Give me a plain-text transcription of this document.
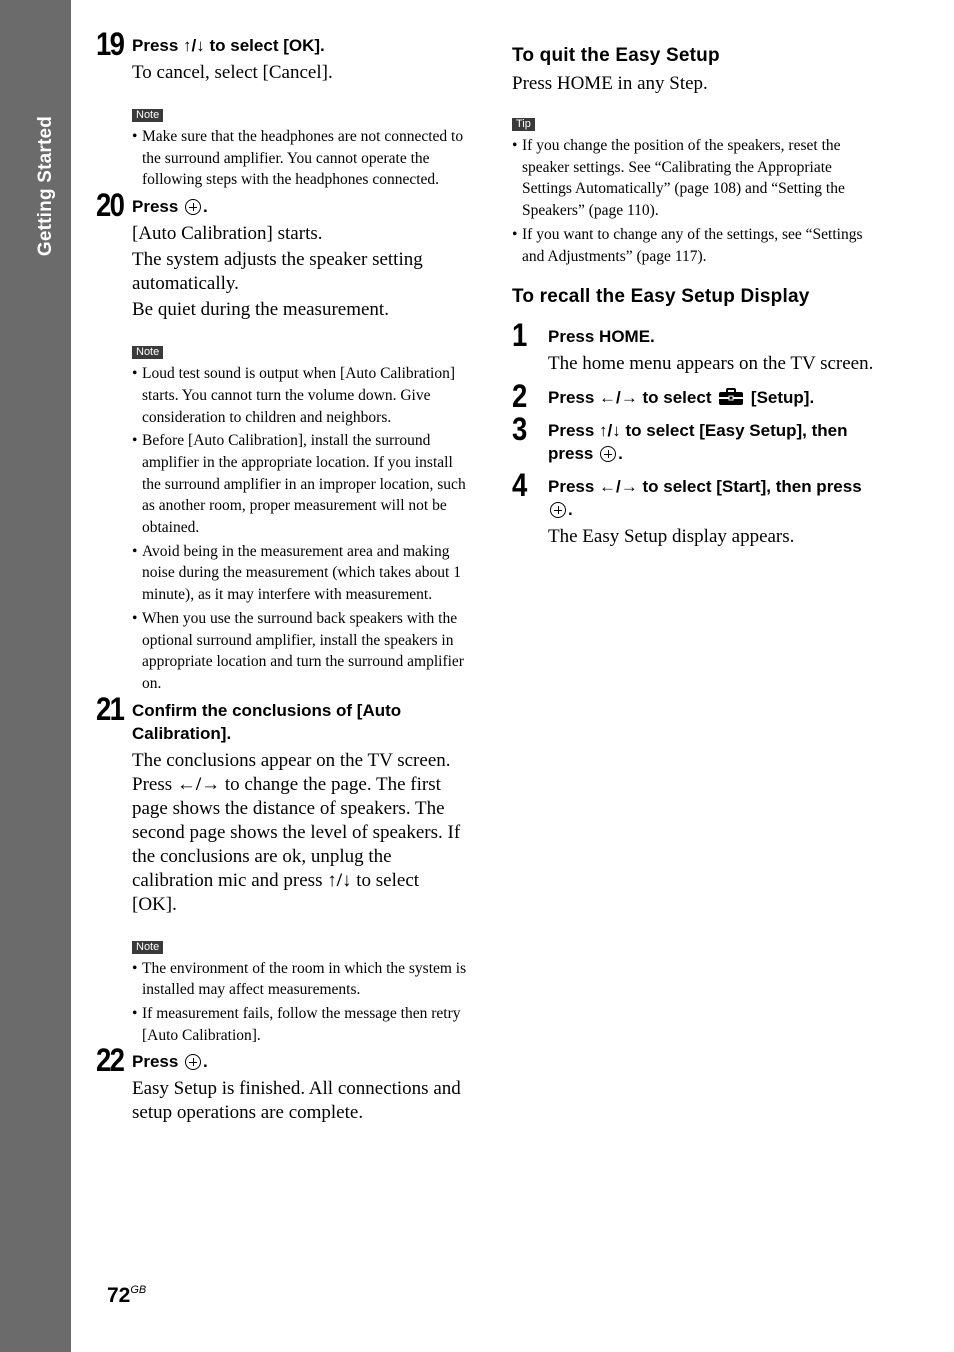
Getting Started
19 Press ↑/↓ to select [OK].

To cancel, select [Cancel].

Note
• Make sure that the headphones are not connected to the surround amplifier. You cannot operate the following steps with the headphones connected.
20 Press .

[Auto Calibration] starts.

The system adjusts the speaker setting automatically.

Be quiet during the measurement.

Note
• Loud test sound is output when [Auto Calibration] starts. You cannot turn the volume down. Give consideration to children and neighbors.
• Before [Auto Calibration], install the surround amplifier in the appropriate location. If you install the surround amplifier in an improper location, such as another room, proper measurement will not be obtained.
• Avoid being in the measurement area and making noise during the measurement (which takes about 1 minute), as it may interfere with measurement.
• When you use the surround back speakers with the optional surround amplifier, install the speakers in appropriate location and turn the surround amplifier on.
21 Confirm the conclusions of [Auto Calibration].

The conclusions appear on the TV screen. Press ←/→ to change the page. The first page shows the distance of speakers. The second page shows the level of speakers. If the conclusions are ok, unplug the calibration mic and press ↑/↓ to select [OK].

Note
• The environment of the room in which the system is installed may affect measurements.
• If measurement fails, follow the message then retry [Auto Calibration].
22 Press .

Easy Setup is finished. All connections and setup operations are complete.

To quit the Easy Setup

Press HOME in any Step.

Tip
• If you change the position of the speakers, reset the speaker settings. See “Calibrating the Appropriate Settings Automatically” (page 108) and “Setting the Speakers” (page 110).
• If you want to change any of the settings, see “Settings and Adjustments” (page 117).

To recall the Easy Setup Display

1 Press HOME.

The home menu appears on the TV screen.

2 Press ←/→ to select  [Setup].

3 Press ↑/↓ to select [Easy Setup], then press .

4 Press ←/→ to select [Start], then press .

The Easy Setup display appears.

$72^{GB}$
